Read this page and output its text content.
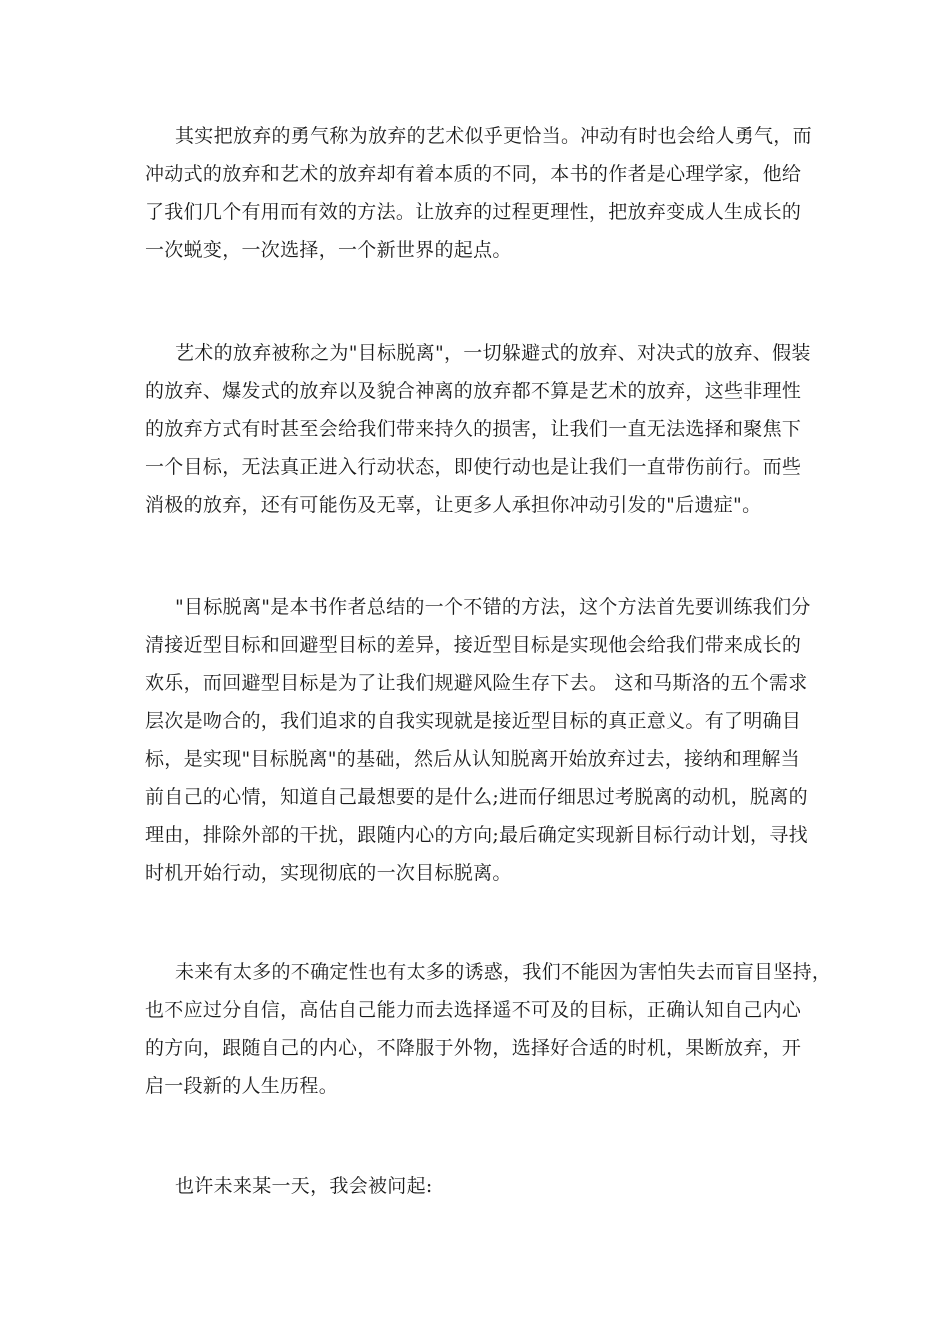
其实把放弃的勇气称为放弃的艺术似乎更恰当。冲动有时也会给人勇气，而
冲动式的放弃和艺术的放弃却有着本质的不同，本书的作者是心理学家，他给
了我们几个有用而有效的方法。让放弃的过程更理性，把放弃变成人生成长的
一次蜕变，一次选择，一个新世界的起点。
艺术的放弃被称之为"目标脱离"，一切躲避式的放弃、对决式的放弃、假装
的放弃、爆发式的放弃以及貌合神离的放弃都不算是艺术的放弃，这些非理性
的放弃方式有时甚至会给我们带来持久的损害，让我们一直无法选择和聚焦下
一个目标，无法真正进入行动状态，即使行动也是让我们一直带伤前行。而些
消极的放弃，还有可能伤及无辜，让更多人承担你冲动引发的"后遗症"。
"目标脱离"是本书作者总结的一个不错的方法，这个方法首先要训练我们分
清接近型目标和回避型目标的差异，接近型目标是实现他会给我们带来成长的
欢乐，而回避型目标是为了让我们规避风险生存下去。 这和马斯洛的五个需求
层次是吻合的，我们追求的自我实现就是接近型目标的真正意义。有了明确目
标，是实现"目标脱离"的基础，然后从认知脱离开始放弃过去，接纳和理解当
前自己的心情，知道自己最想要的是什么;进而仔细思过考脱离的动机，脱离的
理由，排除外部的干扰，跟随内心的方向;最后确定实现新目标行动计划，寻找
时机开始行动，实现彻底的一次目标脱离。
未来有太多的不确定性也有太多的诱惑，我们不能因为害怕失去而盲目坚持，
也不应过分自信，高估自己能力而去选择遥不可及的目标，正确认知自己内心
的方向，跟随自己的内心，不降服于外物，选择好合适的时机，果断放弃，开
启一段新的人生历程。
也许未来某一天，我会被问起:
